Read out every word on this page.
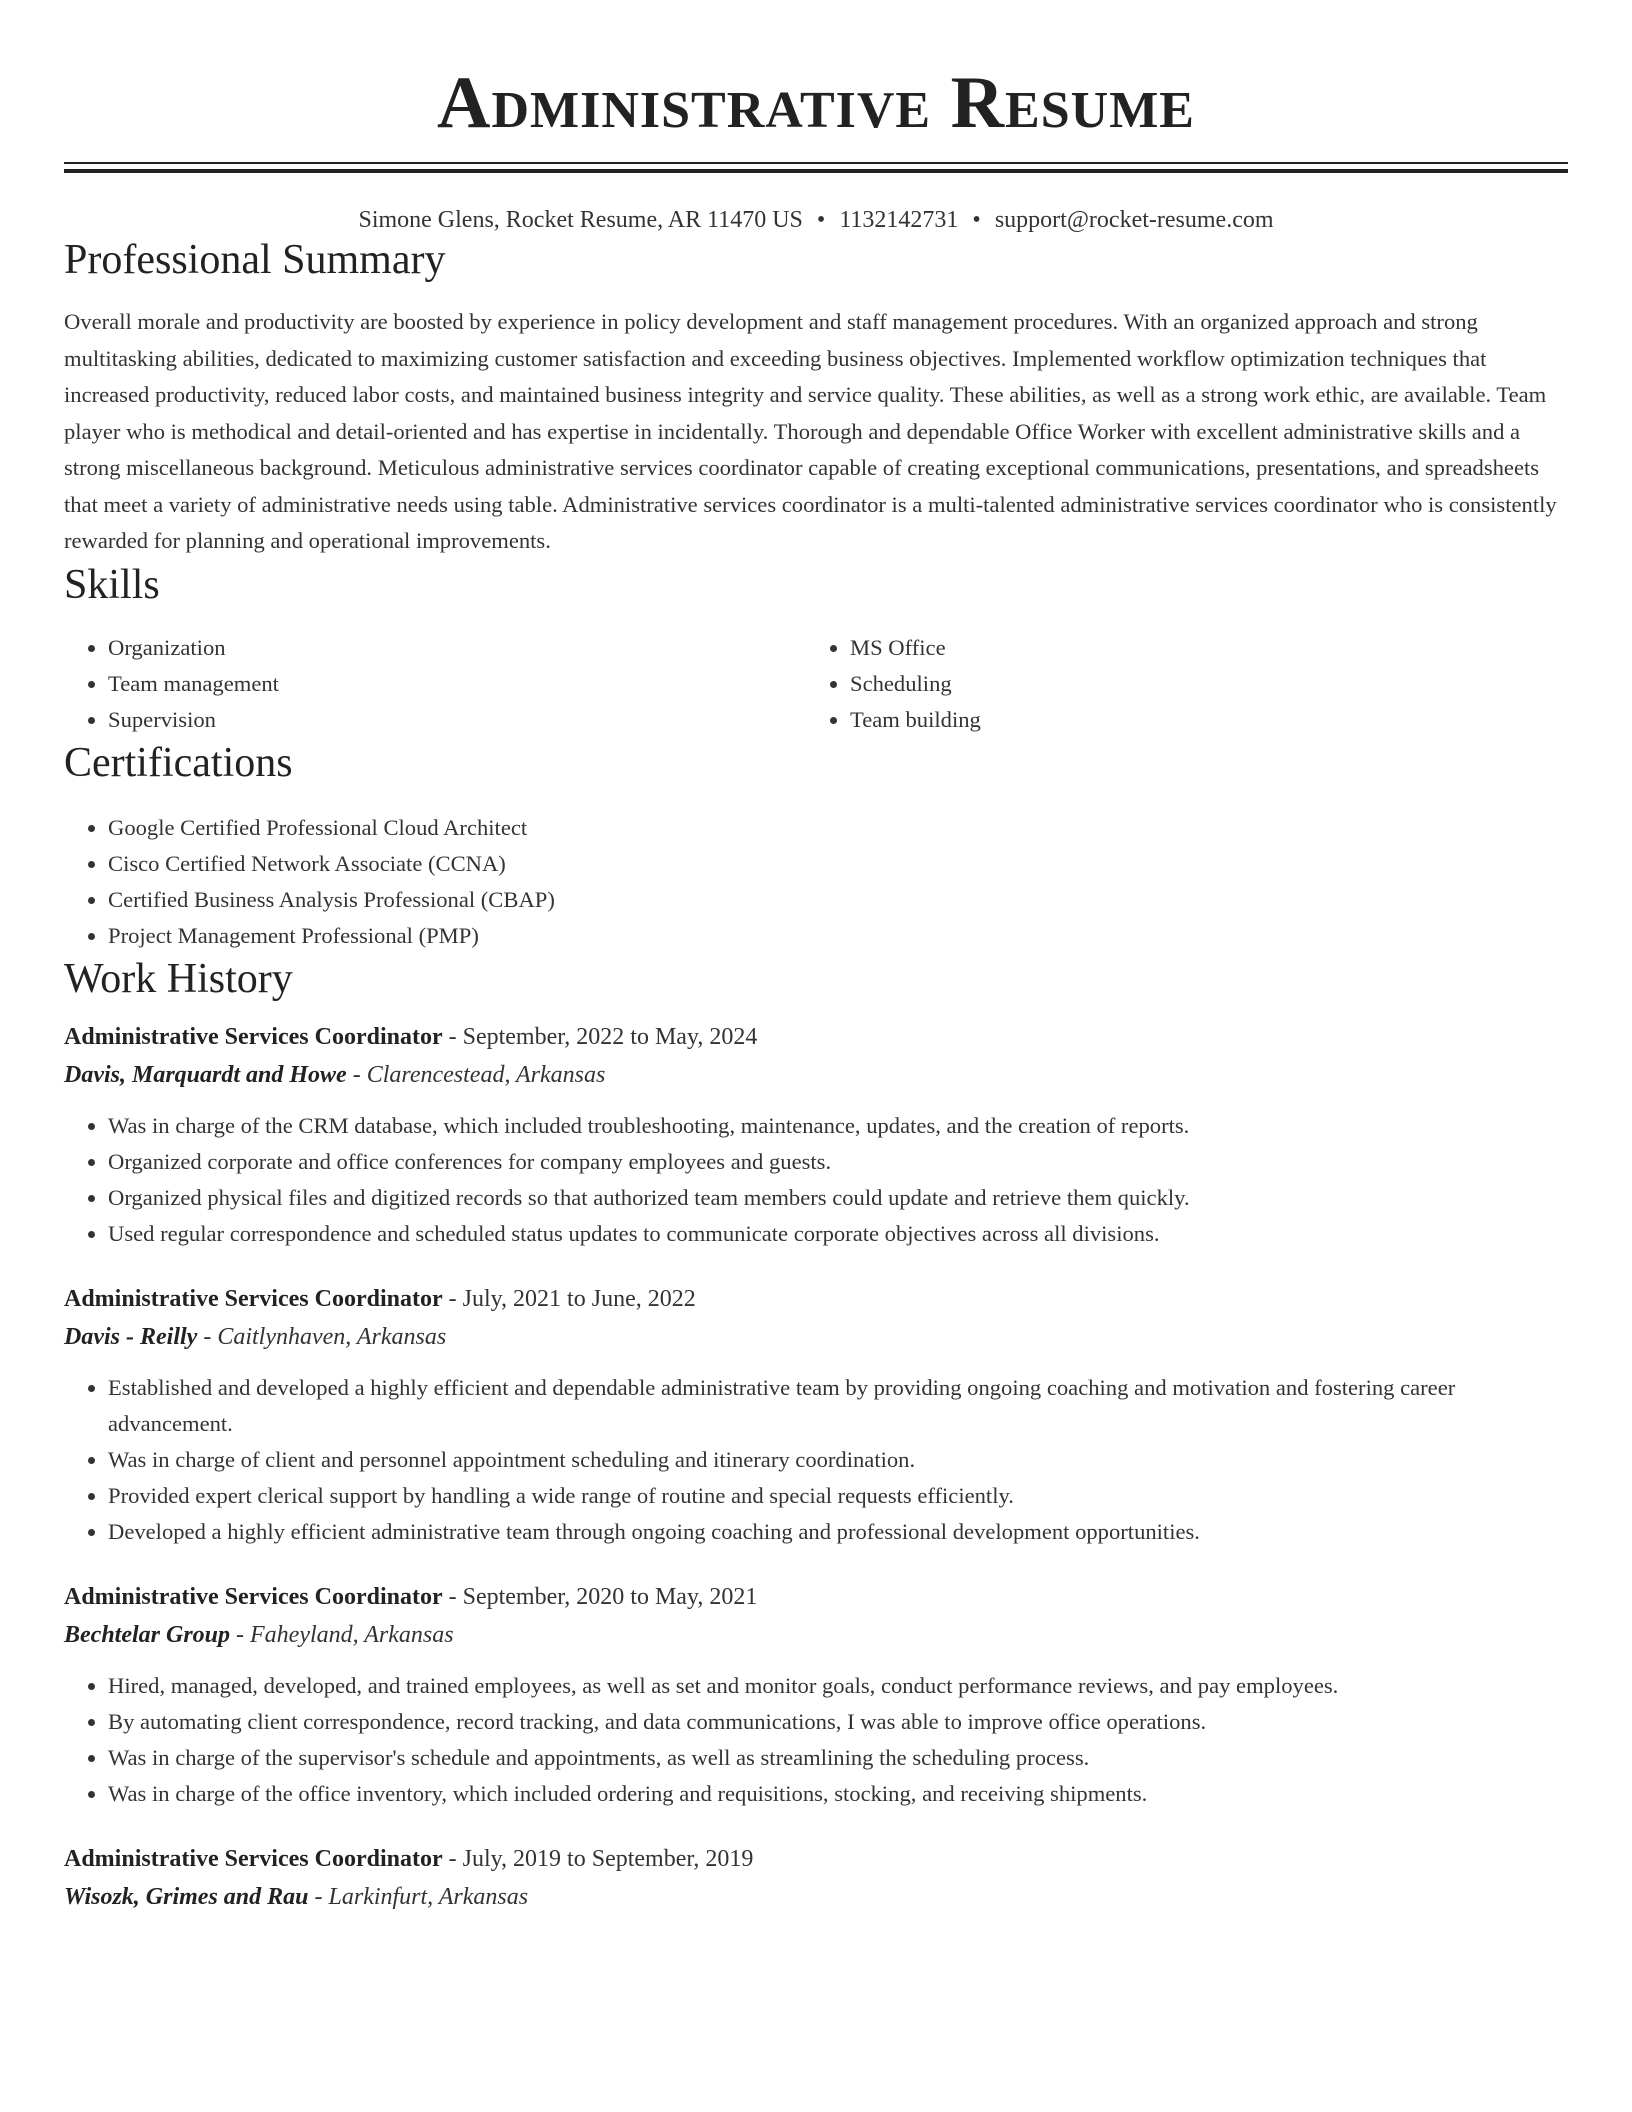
Administrative Resume
Simone Glens, Rocket Resume, AR 11470 US • 1132142731 • support@rocket-resume.com
Professional Summary
Overall morale and productivity are boosted by experience in policy development and staff management procedures. With an organized approach and strong multitasking abilities, dedicated to maximizing customer satisfaction and exceeding business objectives. Implemented workflow optimization techniques that increased productivity, reduced labor costs, and maintained business integrity and service quality. These abilities, as well as a strong work ethic, are available. Team player who is methodical and detail-oriented and has expertise in incidentally. Thorough and dependable Office Worker with excellent administrative skills and a strong miscellaneous background. Meticulous administrative services coordinator capable of creating exceptional communications, presentations, and spreadsheets that meet a variety of administrative needs using table. Administrative services coordinator is a multi-talented administrative services coordinator who is consistently rewarded for planning and operational improvements.
Skills
• Organization
• Team management
• Supervision
• MS Office
• Scheduling
• Team building
Certifications
• Google Certified Professional Cloud Architect
• Cisco Certified Network Associate (CCNA)
• Certified Business Analysis Professional (CBAP)
• Project Management Professional (PMP)
Work History
Administrative Services Coordinator - September, 2022 to May, 2024
Davis, Marquardt and Howe - Clarencestead, Arkansas
• Was in charge of the CRM database, which included troubleshooting, maintenance, updates, and the creation of reports.
• Organized corporate and office conferences for company employees and guests.
• Organized physical files and digitized records so that authorized team members could update and retrieve them quickly.
• Used regular correspondence and scheduled status updates to communicate corporate objectives across all divisions.
Administrative Services Coordinator - July, 2021 to June, 2022
Davis - Reilly - Caitlynhaven, Arkansas
• Established and developed a highly efficient and dependable administrative team by providing ongoing coaching and motivation and fostering career advancement.
• Was in charge of client and personnel appointment scheduling and itinerary coordination.
• Provided expert clerical support by handling a wide range of routine and special requests efficiently.
• Developed a highly efficient administrative team through ongoing coaching and professional development opportunities.
Administrative Services Coordinator - September, 2020 to May, 2021
Bechtelar Group - Faheyland, Arkansas
• Hired, managed, developed, and trained employees, as well as set and monitor goals, conduct performance reviews, and pay employees.
• By automating client correspondence, record tracking, and data communications, I was able to improve office operations.
• Was in charge of the supervisor's schedule and appointments, as well as streamlining the scheduling process.
• Was in charge of the office inventory, which included ordering and requisitions, stocking, and receiving shipments.
Administrative Services Coordinator - July, 2019 to September, 2019
Wisozk, Grimes and Rau - Larkinfurt, Arkansas
